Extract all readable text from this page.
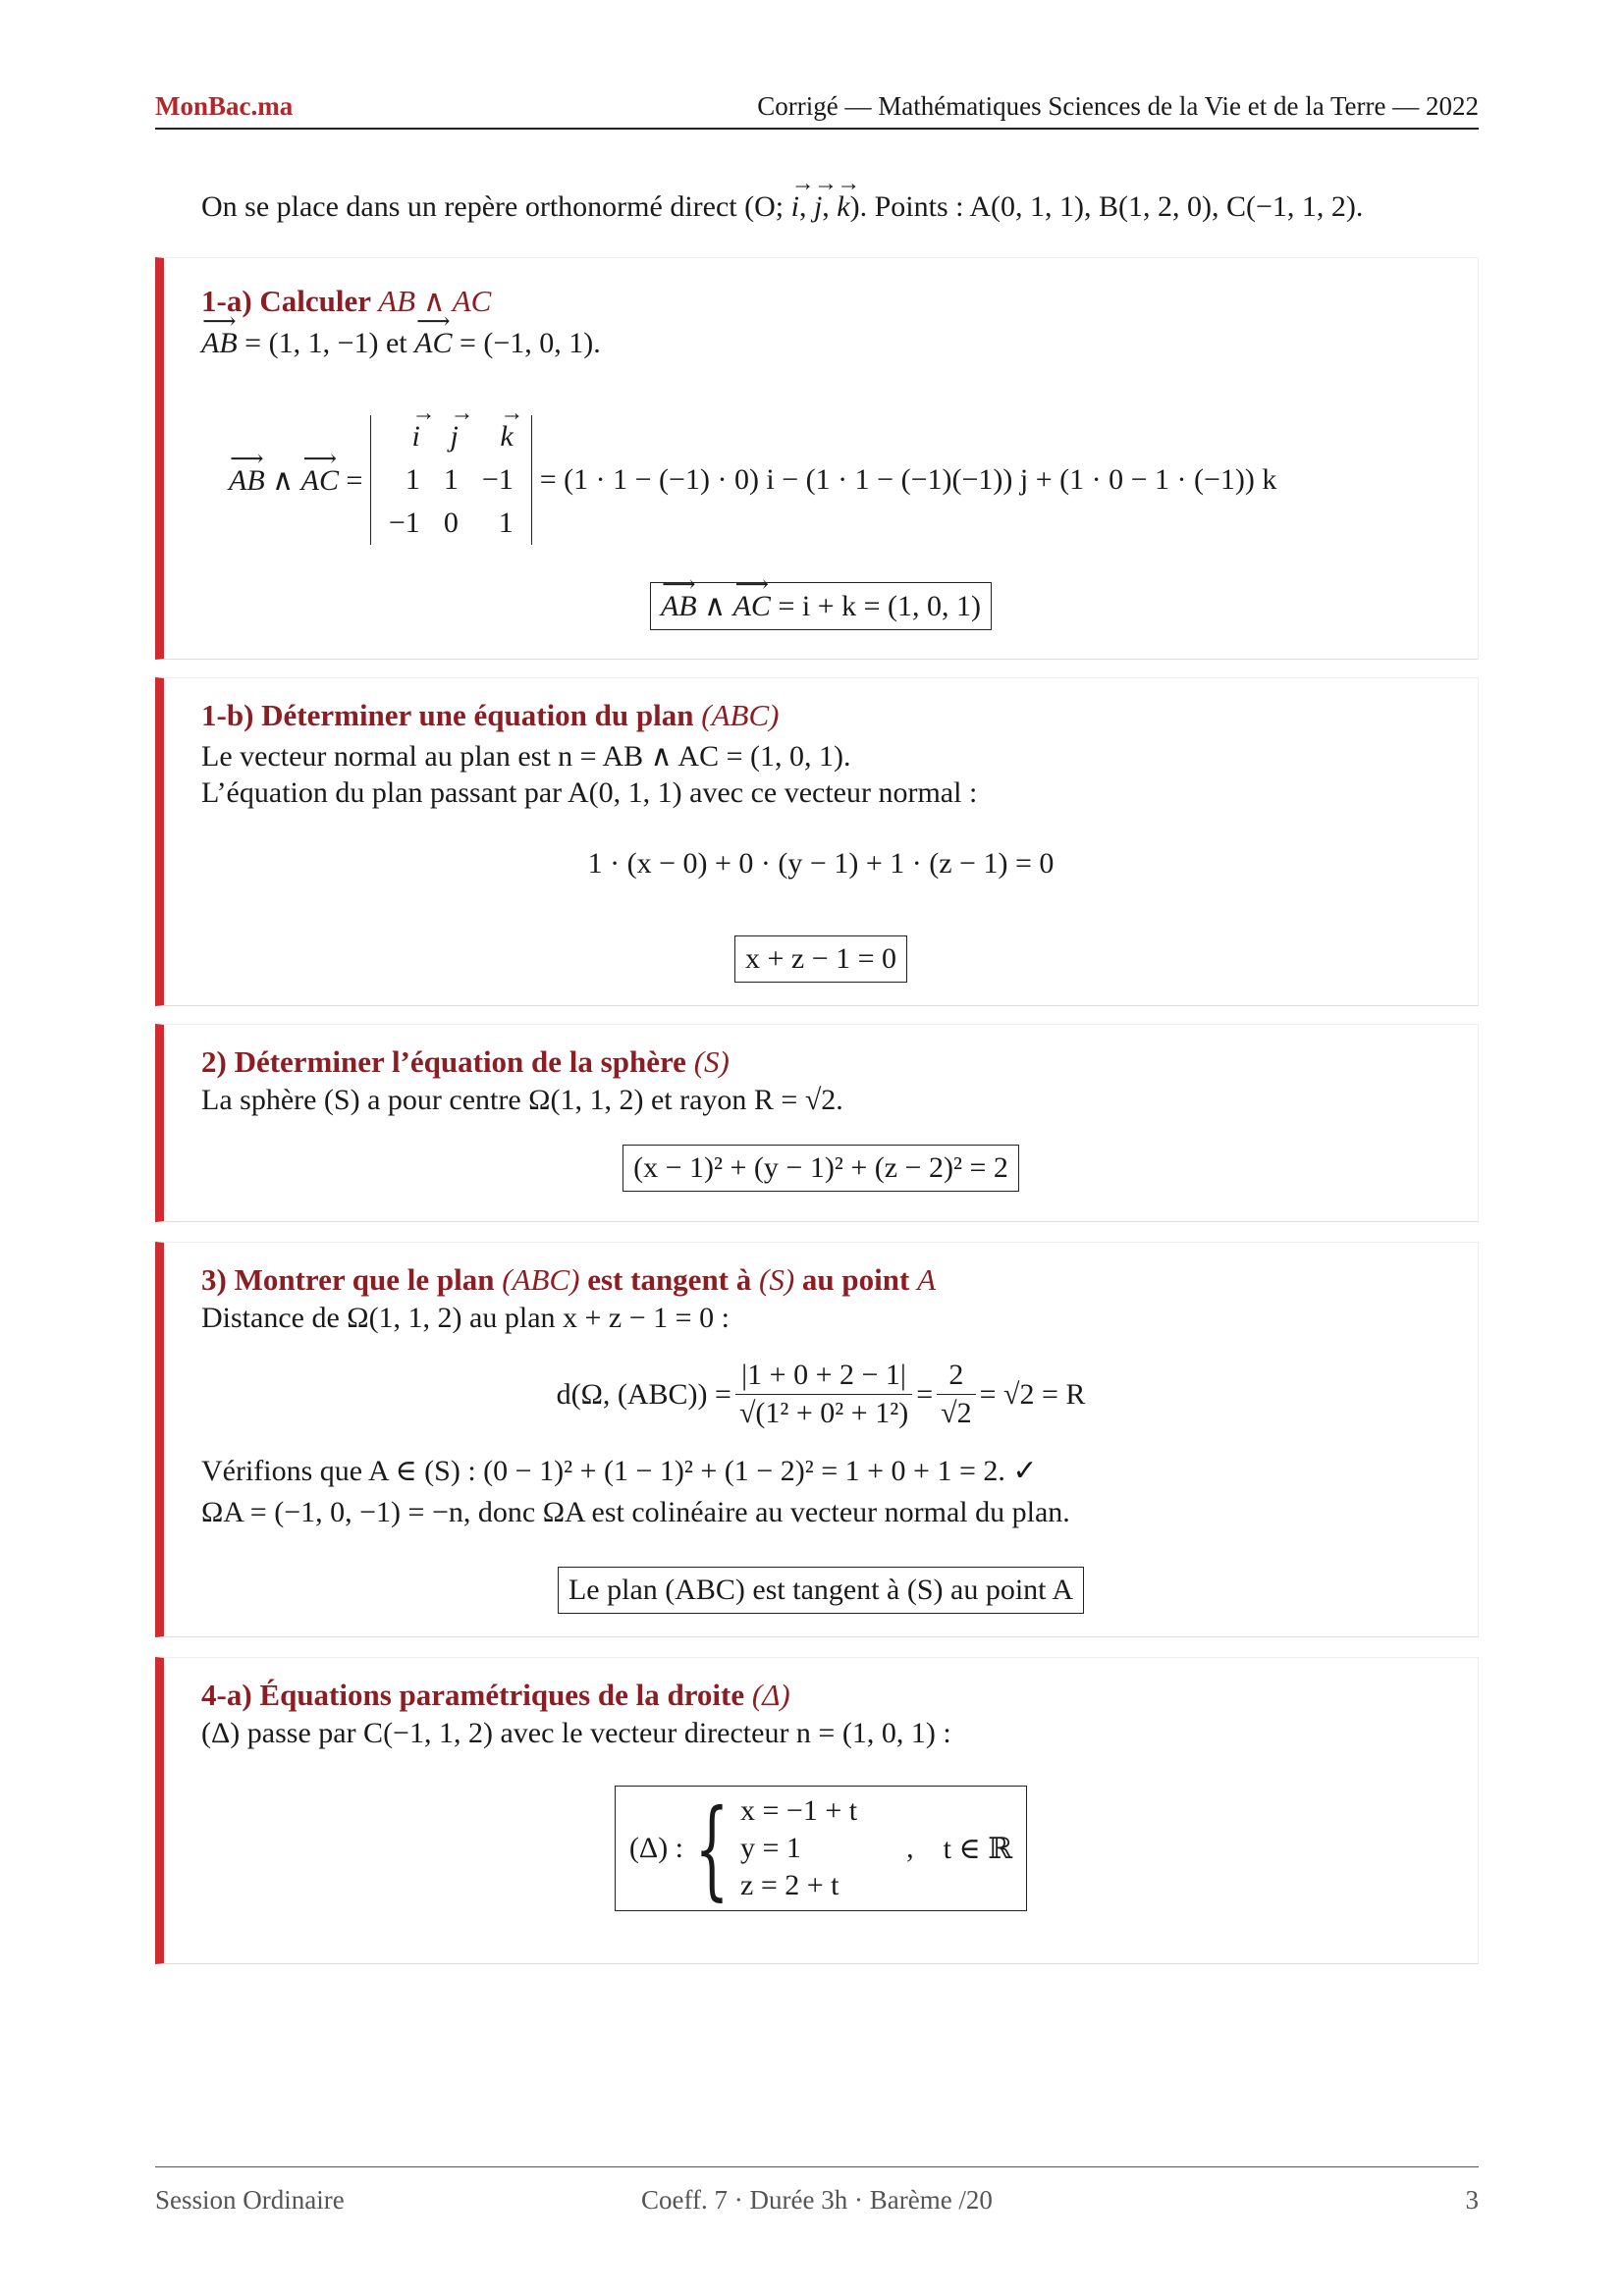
MonBac.ma	Corrigé — Mathématiques Sciences de la Vie et de la Terre — 2022
On se place dans un repère orthonormé direct (O; → i, → j, → k). Points : A(0, 1, 1), B(1, 2, 0), C(−1, 1, 2).
1-a) Calculer AB ∧ AC
⟶ AB = (1, 1, −1) et ⟶ AC = (−1, 0, 1).
⟶ AB ∧ ⟶ AC =
→ i	→ j	→ k
1	1	−1
−1	0	1
= (1 · 1 − (−1) · 0) i − (1 · 1 − (−1)(−1)) j + (1 · 0 − 1 · (−1)) k
⟶ AB ∧ ⟶ AC = i + k = (1, 0, 1)
1-b) Déterminer une équation du plan (ABC)
Le vecteur normal au plan est n = AB ∧ AC = (1, 0, 1).
L’équation du plan passant par A(0, 1, 1) avec ce vecteur normal :
1 · (x − 0) + 0 · (y − 1) + 1 · (z − 1) = 0
x + z − 1 = 0
2) Déterminer l’équation de la sphère (S)
La sphère (S) a pour centre Ω(1, 1, 2) et rayon R = √2.
(x − 1)² + (y − 1)² + (z − 2)² = 2
3) Montrer que le plan (ABC) est tangent à (S) au point A
Distance de Ω(1, 1, 2) au plan x + z − 1 = 0 :
d(Ω, $(ABC)) = \frac{|1 + 0 + 2 - 1|}{\text{√(1² + 0² + 1²)}} = \frac{2}{√2} = √2 = R$
Vérifions que A ∈ (S) : (0 − 1)² + (1 − 1)² + (1 − 2)² = 1 + 0 + 1 = 2. ✓
ΩA = (−1, 0, −1) = −n, donc ΩA est colinéaire au vecteur normal du plan.
Le plan (ABC) est tangent à (S) au point A
4-a) Équations paramétriques de la droite (Δ)
(Δ) passe par C(−1, 1, 2) avec le vecteur directeur n = (1, 0, 1) :
(Δ) : { x = −1 + t
y = 1
z = 2 + t
, t ∈ ℝ
Session Ordinaire	Coeff. 7 · Durée 3h · Barème /20	3
